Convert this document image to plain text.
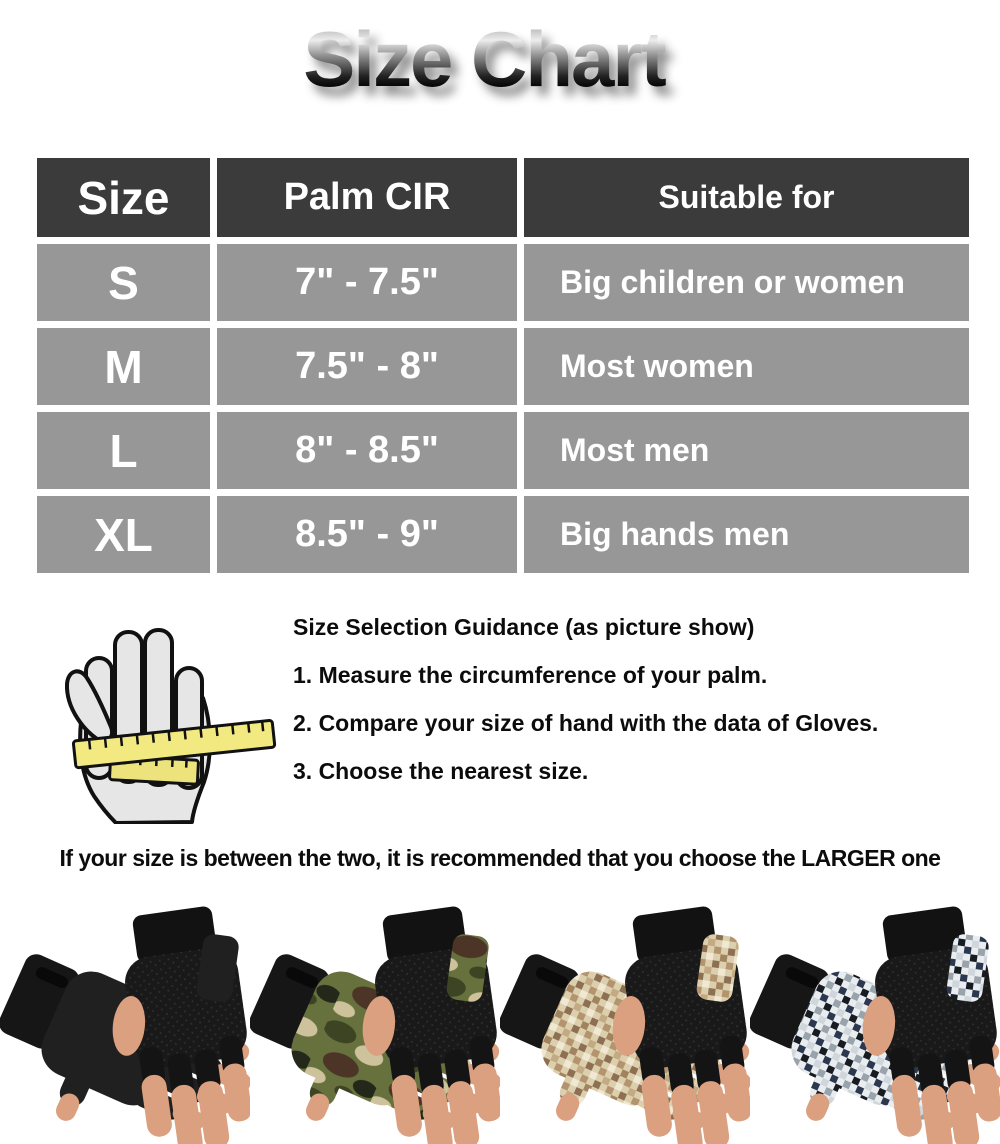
Size Chart
Size	Palm CIR	Suitable for
S	7" - 7.5"	Big children or women
M	7.5" - 8"	Most women
L	8" - 8.5"	Most men
XL	8.5" - 9"	Big hands men
Size Selection Guidance (as picture show)
1. Measure the circumference of your palm.
2. Compare your size of hand with the data of Gloves.
3. Choose the nearest size.
If your size is between the two, it is recommended that you choose the LARGER one
